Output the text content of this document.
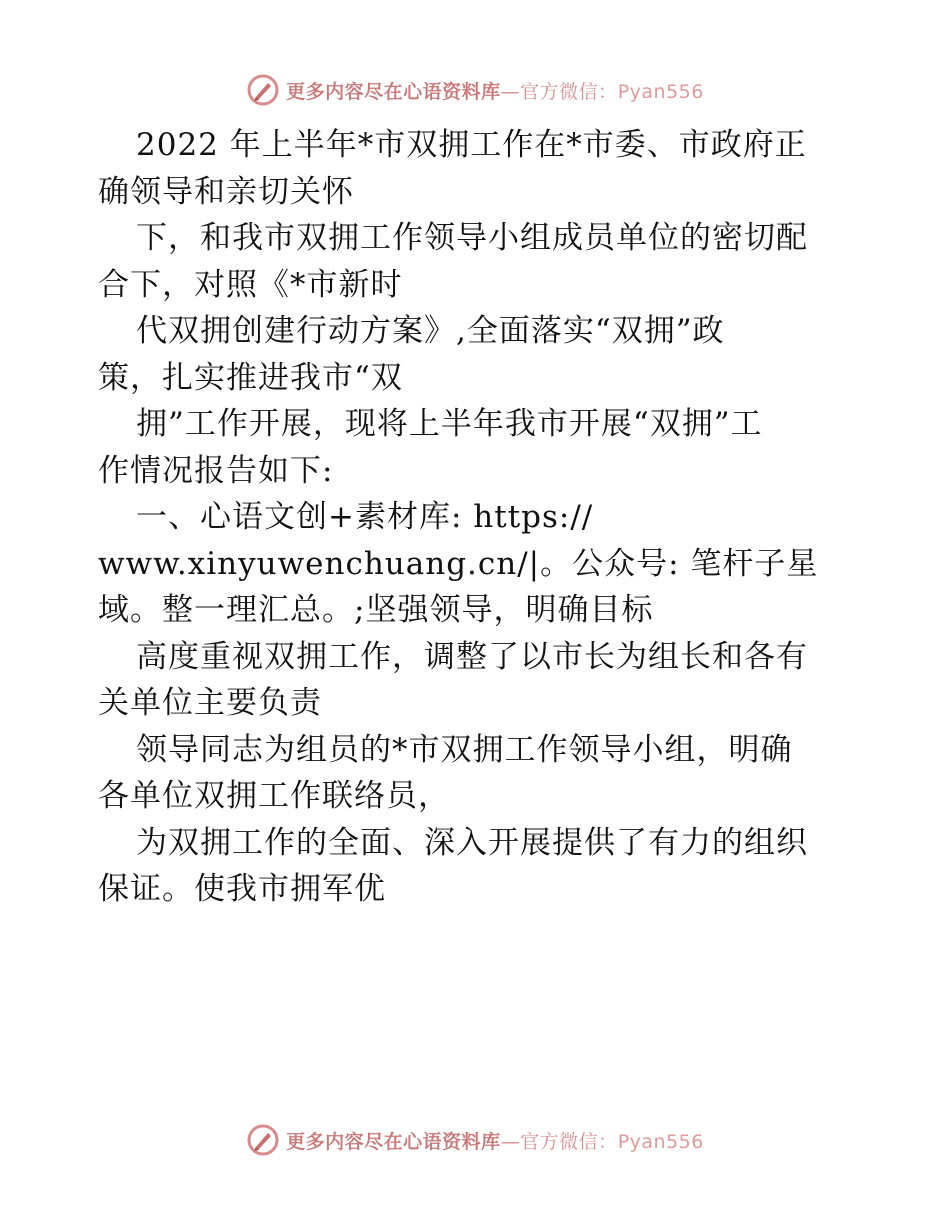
更多内容尽在心语资料库—官方微信：Pyan556
2022 年上半年*市双拥工作在*市委、市政府正
确领导和亲切关怀
下，和我市双拥工作领导小组成员单位的密切配
合下，对照《*市新时
代双拥创建行动方案》,全面落实“双拥”政
策，扎实推进我市“双
拥”工作开展，现将上半年我市开展“双拥”工
作情况报告如下:
一、心语文创+素材库: https://
www.xinyuwenchuang.cn/|。公众号: 笔杆子星
域。整一理汇总。;坚强领导，明确目标
高度重视双拥工作，调整了以市长为组长和各有
关单位主要负责
领导同志为组员的*市双拥工作领导小组，明确
各单位双拥工作联络员，
为双拥工作的全面、深入开展提供了有力的组织
保证。使我市拥军优
更多内容尽在心语资料库—官方微信：Pyan556
